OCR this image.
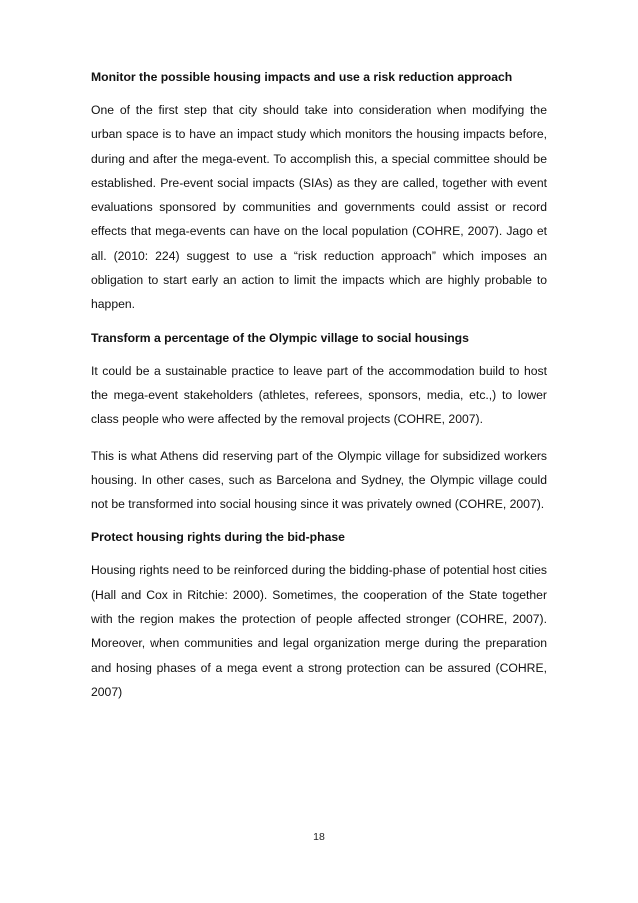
Monitor the possible housing impacts and use a risk reduction approach

One of the first step that city should take into consideration when modifying the urban space is to have an impact study which monitors the housing impacts before, during and after the mega-event. To accomplish this, a special committee should be established. Pre-event social impacts (SIAs) as they are called, together with event evaluations sponsored by communities and governments could assist or record effects that mega-events can have on the local population (COHRE, 2007). Jago et all. (2010: 224) suggest to use a “risk reduction approach” which imposes an obligation to start early an action to limit the impacts which are highly probable to happen.

Transform a percentage of the Olympic village to social housings

It could be a sustainable practice to leave part of the accommodation build to host the mega-event stakeholders (athletes, referees, sponsors, media, etc.,) to lower class people who were affected by the removal projects (COHRE, 2007).

This is what Athens did reserving part of the Olympic village for subsidized workers housing. In other cases, such as Barcelona and Sydney, the Olympic village could not be transformed into social housing since it was privately owned (COHRE, 2007).

Protect housing rights during the bid-phase

Housing rights need to be reinforced during the bidding-phase of potential host cities (Hall and Cox in Ritchie: 2000). Sometimes, the cooperation of the State together with the region makes the protection of people affected stronger (COHRE, 2007). Moreover, when communities and legal organization merge during the preparation and hosing phases of a mega event a strong protection can be assured (COHRE, 2007)

18
